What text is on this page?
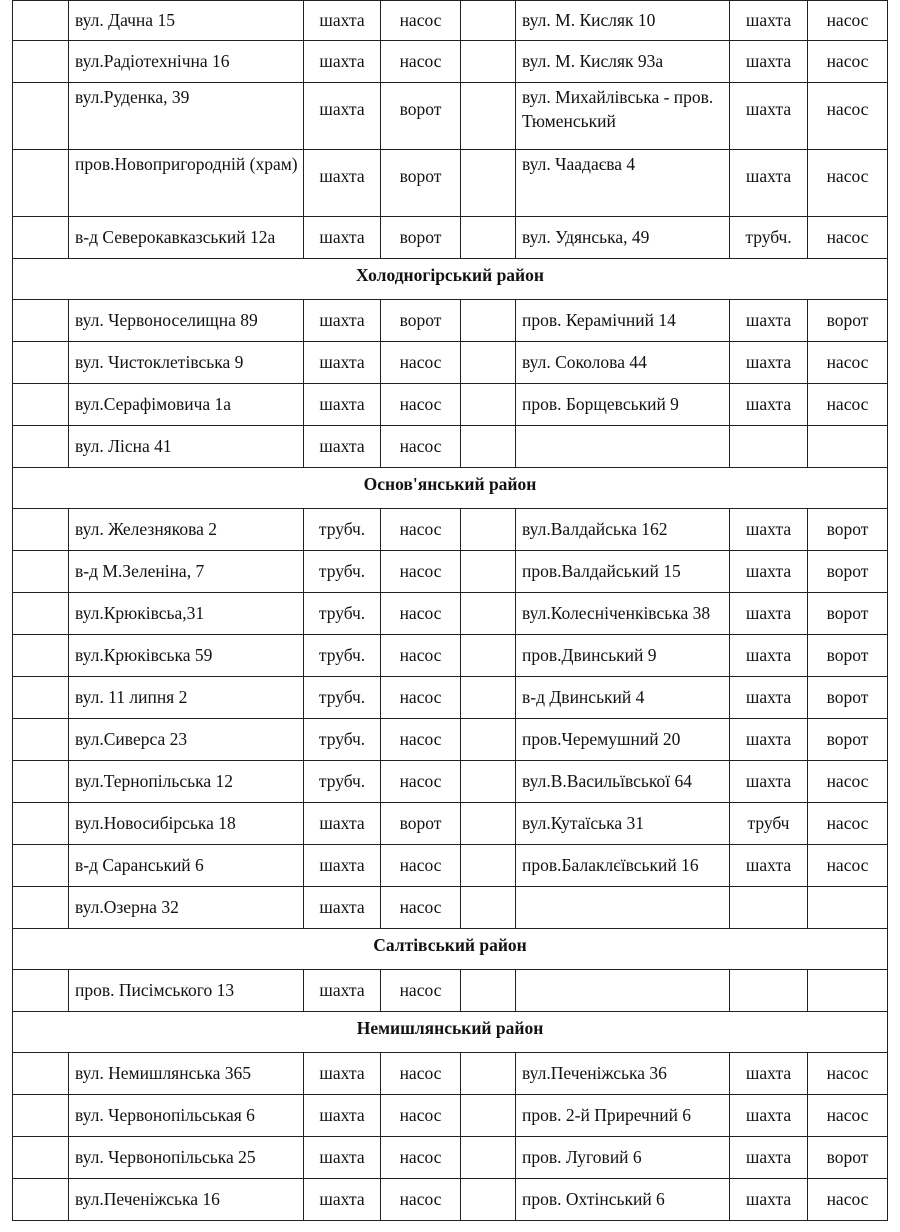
	вул. Дачна 15	шахта	насос		вул. М. Кисляк 10	шахта	насос
	вул.Радіотехнічна 16	шахта	насос		вул. М. Кисляк 93а	шахта	насос
	вул.Руденка, 39	шахта	ворот		вул. Михайлівська - пров. Тюменський	шахта	насос
	пров.Новопригородній (храм)	шахта	ворот		вул. Чаадаєва 4	шахта	насос
	в-д Северокавказський 12а	шахта	ворот		вул. Удянська, 49	трубч.	насос
Холодногірський район							
	вул. Червоноселищна 89	шахта	ворот		пров. Керамічний 14	шахта	ворот
	вул. Чистоклетівська 9	шахта	насос		вул. Соколова 44	шахта	насос
	вул.Серафімовича 1а	шахта	насос		пров. Борщевський 9	шахта	насос
	вул. Лісна 41	шахта	насос				
Основ'янський район							
	вул. Железнякова 2	трубч.	насос		вул.Валдайська 162	шахта	ворот
	в-д М.Зеленіна, 7	трубч.	насос		пров.Валдайський 15	шахта	ворот
	вул.Крюківсьа,31	трубч.	насос		вул.Колесніченківська 38	шахта	ворот
	вул.Крюківська 59	трубч.	насос		пров.Двинський 9	шахта	ворот
	вул. 11 липня 2	трубч.	насос		в-д Двинський 4	шахта	ворот
	вул.Сиверса 23	трубч.	насос		пров.Черемушний 20	шахта	ворот
	вул.Тернопільська 12	трубч.	насос		вул.В.Васильївської 64	шахта	насос
	вул.Новосибірська 18	шахта	ворот		вул.Кутаїська 31	трубч	насос
	в-д Саранський 6	шахта	насос		пров.Балаклєївський 16	шахта	насос
	вул.Озерна 32	шахта	насос				
Салтівський район							
	пров. Писімського 13	шахта	насос				
Немишлянський район							
	вул. Немишлянська 365	шахта	насос		вул.Печеніжська 36	шахта	насос
	вул. Червонопільськая 6	шахта	насос		пров. 2-й Приречний 6	шахта	насос
	вул. Червонопільська 25	шахта	насос		пров. Луговий 6	шахта	ворот
	вул.Печеніжська 16	шахта	насос		пров. Охтінський 6	шахта	насос
